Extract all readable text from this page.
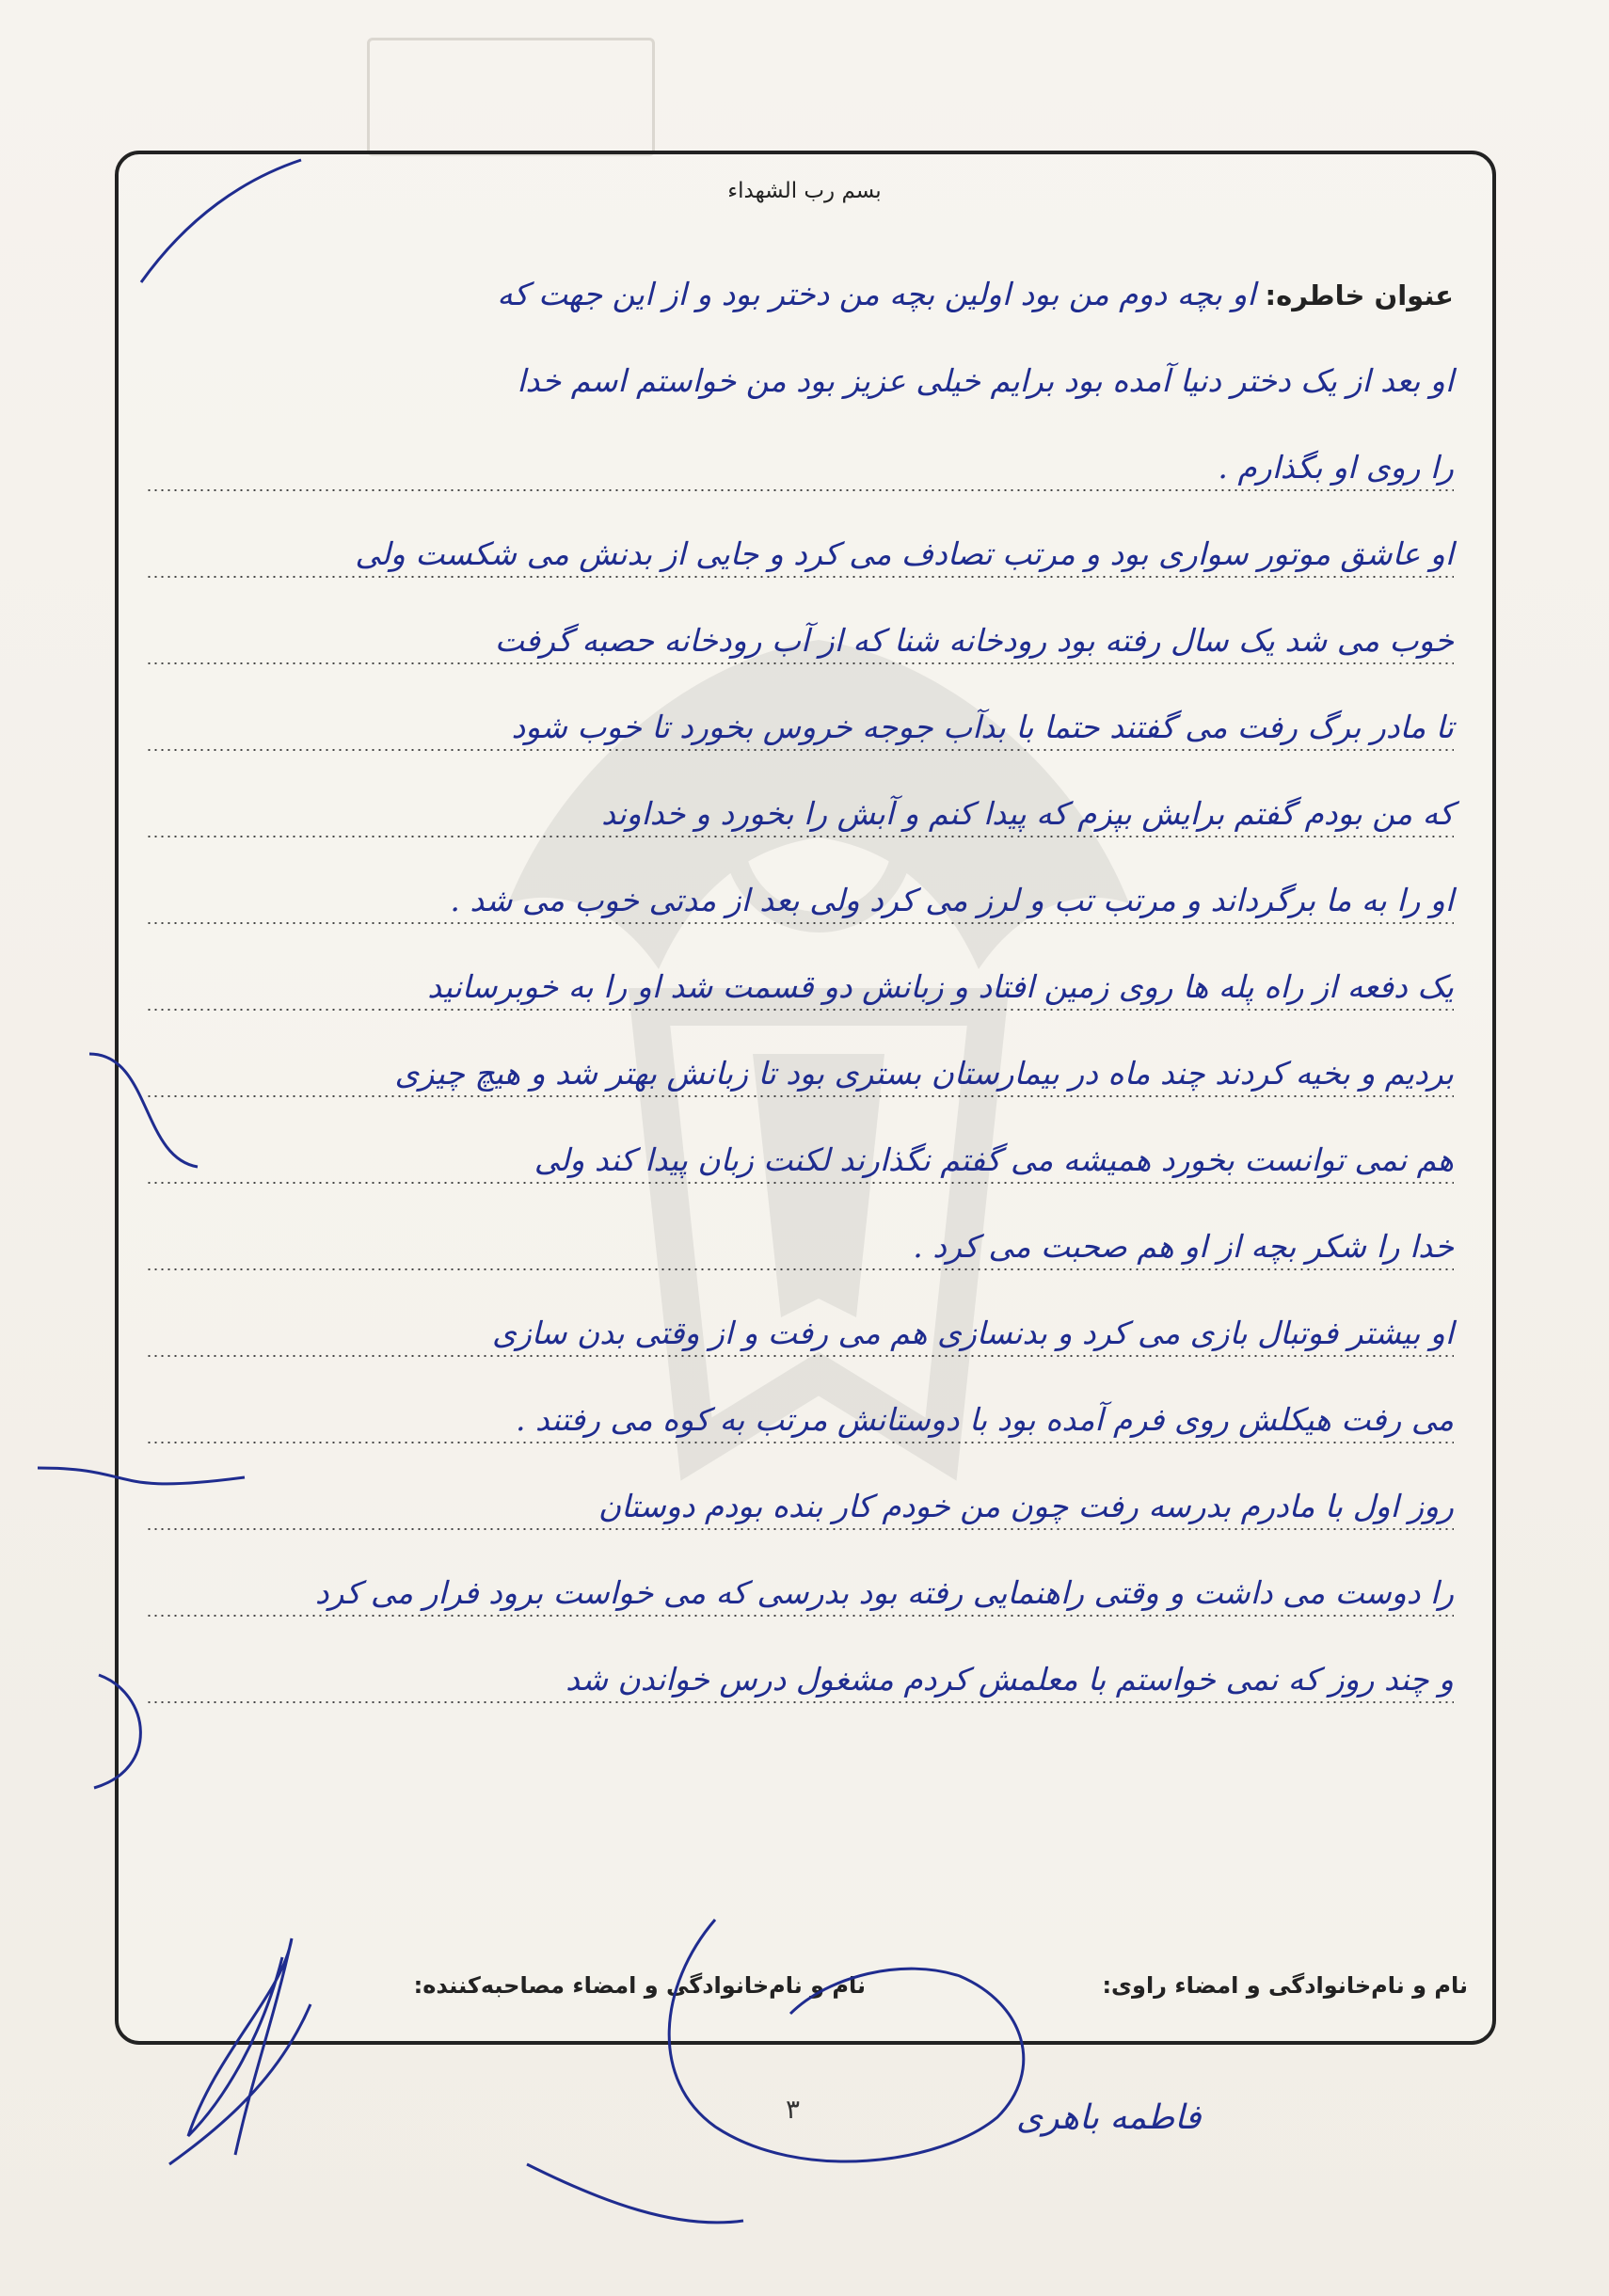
بسم رب الشهداء
عنوان خاطره:او بچه دوم من بود اولین بچه من دختر بود و از این جهت که
او بعد از یک دختر دنیا آمده بود برایم خیلی عزیز بود من خواستم اسم خدا
را روی او بگذارم .
او عاشق موتور سواری بود و مرتب تصادف می کرد و جایی از بدنش می شکست ولی
خوب می شد یک سال رفته بود رودخانه شنا که از آب رودخانه حصبه گرفت
تا مادر برگ رفت می گفتند حتما با بدآب جوجه خروس بخورد تا خوب شود
که من بودم گفتم برایش بپزم که پیدا کنم و آبش را بخورد و خداوند
او را به ما برگرداند و مرتب تب و لرز می کرد ولی بعد از مدتی خوب می شد .
یک دفعه از راه پله ها روی زمین افتاد و زبانش دو قسمت شد او را به خوبرسانید
بردیم و بخیه کردند چند ماه در بیمارستان بستری بود تا زبانش بهتر شد و هیچ چیزی
هم نمی توانست بخورد همیشه می گفتم نگذارند لکنت زبان پیدا کند ولی
خدا را شکر بچه از او هم صحبت می کرد .
او بیشتر فوتبال بازی می کرد و بدنسازی هم می رفت و از وقتی بدن سازی
می رفت هیکلش روی فرم آمده بود با دوستانش مرتب به کوه می رفتند .
روز اول با مادرم بدرسه رفت چون من خودم کار بنده بودم دوستان
را دوست می داشت و وقتی راهنمایی رفته بود بدرسی که می خواست برود فرار می کرد
و چند روز که نمی خواستم با معلمش کردم مشغول درس خواندن شد
نام و نام‌خانوادگی و امضاء راوی:
نام و نام‌خانوادگی و امضاء مصاحبه‌کننده:
٣	فاطمه باهری
